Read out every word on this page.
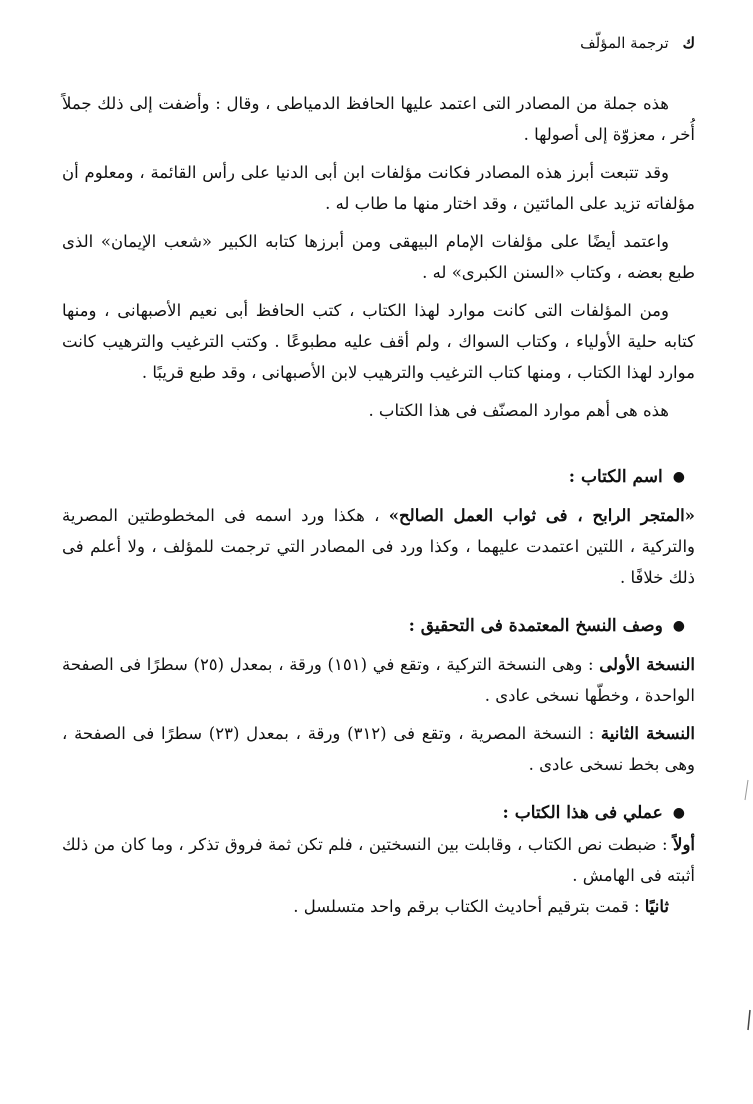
ك
ترجمة المؤلّف

هذه جملة من المصادر التى اعتمد عليها الحافظ الدمياطى ، وقال : وأضفت إلى ذلك جملاً أُخر ، معزوّة إلى أصولها .

وقد تتبعت أبرز هذه المصادر فكانت مؤلفات ابن أبى الدنيا على رأس القائمة ، ومعلوم أن مؤلفاته تزيد على المائتين ، وقد اختار منها ما طاب له .

واعتمد أيضًا على مؤلفات الإمام البيهقى ومن أبرزها كتابه الكبير «شعب الإيمان» الذى طبع بعضه ، وكتاب «السنن الكبرى» له .

ومن المؤلفات التى كانت موارد لهذا الكتاب ، كتب الحافظ أبى نعيم الأصبهانى ، ومنها كتابه حلية الأولياء ، وكتاب السواك ، ولم أقف عليه مطبوعًا . وكتب الترغيب والترهيب كانت موارد لهذا الكتاب ، ومنها كتاب الترغيب والترهيب لابن الأصبهانى ، وقد طبع قريبًا .

هذه هى أهم موارد المصنّف فى هذا الكتاب .

●
اسم الكتاب :

«المتجر الرابح ، فى ثواب العمل الصالح» ، هكذا ورد اسمه فى المخطوطتين المصرية والتركية ، اللتين اعتمدت عليهما ، وكذا ورد فى المصادر التي ترجمت للمؤلف ، ولا أعلم فى ذلك خلافًا .

●
وصف النسخ المعتمدة فى التحقيق :

النسخة الأولى : وهى النسخة التركية ، وتقع في (١٥١) ورقة ، بمعدل (٢٥) سطرًا فى الصفحة الواحدة ، وخطّها نسخى عادى .

النسخة الثانية : النسخة المصرية ، وتقع فى (٣١٢) ورقة ، بمعدل (٢٣) سطرًا فى الصفحة ، وهى بخط نسخى عادى .

●
عملي فى هذا الكتاب :

أولاً : ضبطت نص الكتاب ، وقابلت بين النسختين ، فلم تكن ثمة فروق تذكر ، وما كان من ذلك أثبته فى الهامش .

ثانيًا : قمت بترقيم أحاديث الكتاب برقم واحد متسلسل .
